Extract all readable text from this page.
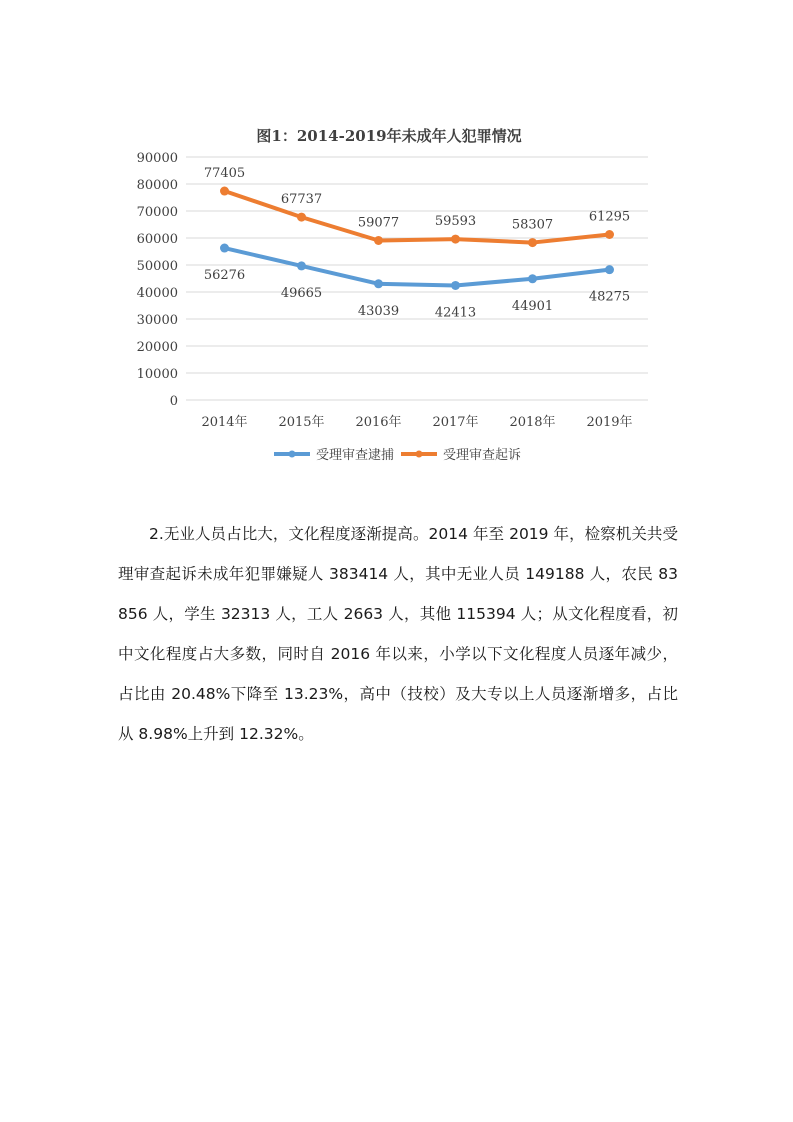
图1：2014-2019年未成年人犯罪情况
0
10000
20000
30000
40000
50000
60000
70000
80000
90000
2014年 2015年 2016年 2017年 2018年 2019年
56276
49665
43039	42413	44901
48275
77405
67737
59077	59593	58307
61295
受理审查逮捕	受理审查起诉

2.无业人员占比大，文化程度逐渐提高。2014 年至 2019 年，检察机关共受理审查起诉未成年犯罪嫌疑人 383414 人，其中无业人员 149188 人，农民 83856 人，学生 32313 人，工人 2663 人，其他 115394 人；从文化程度看，初中文化程度占大多数，同时自 2016 年以来，小学以下文化程度人员逐年减少，占比由 20.48%下降至 13.23%，高中（技校）及大专以上人员逐渐增多，占比从 8.98%上升到 12.32%。
